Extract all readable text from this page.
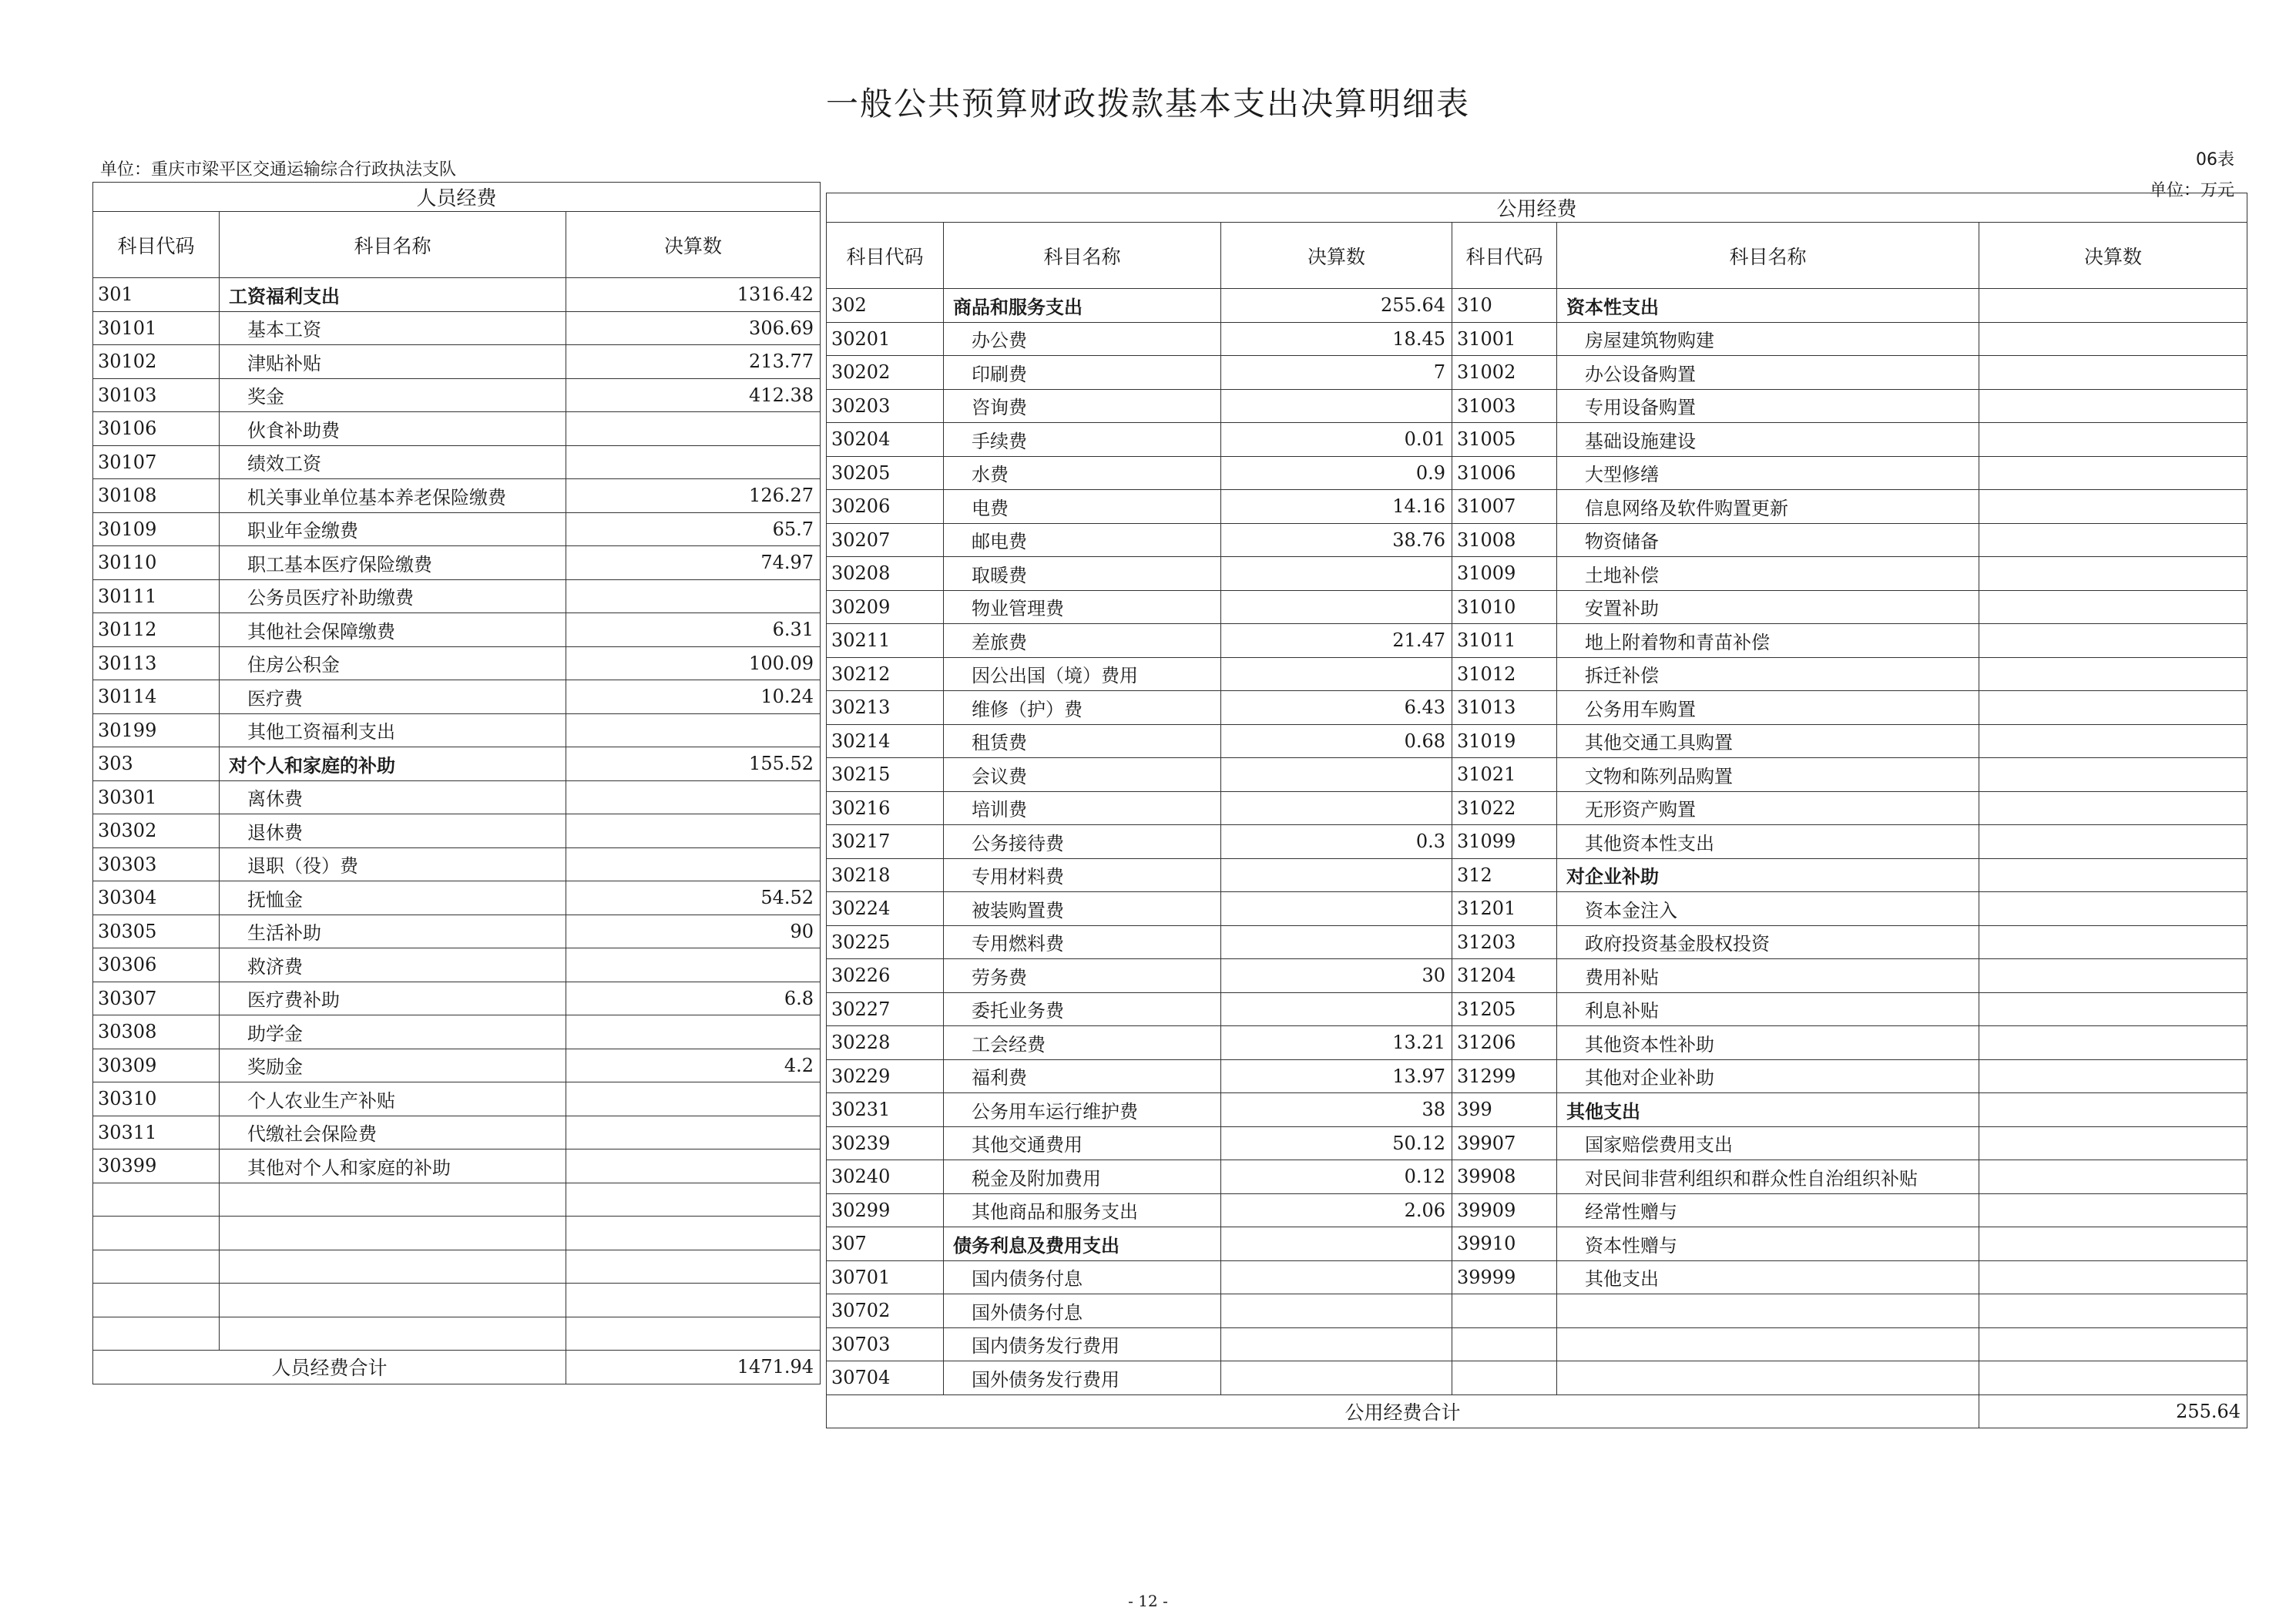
一般公共预算财政拨款基本支出决算明细表
单位：重庆市梁平区交通运输综合行政执法支队
06表
单位：万元
人员经费		
科目代码	科目名称	决算数
301	工资福利支出	1316.42
30101	基本工资	306.69
30102	津贴补贴	213.77
30103	奖金	412.38
30106	伙食补助费	
30107	绩效工资	
30108	机关事业单位基本养老保险缴费	126.27
30109	职业年金缴费	65.7
30110	职工基本医疗保险缴费	74.97
30111	公务员医疗补助缴费	
30112	其他社会保障缴费	6.31
30113	住房公积金	100.09
30114	医疗费	10.24
30199	其他工资福利支出	
303	对个人和家庭的补助	155.52
30301	离休费	
30302	退休费	
30303	退职（役）费	
30304	抚恤金	54.52
30305	生活补助	90
30306	救济费	
30307	医疗费补助	6.8
30308	助学金	
30309	奖励金	4.2
30310	个人农业生产补贴	
30311	代缴社会保险费	
30399	其他对个人和家庭的补助	

人员经费合计		1471.94
公用经费					
科目代码	科目名称	决算数	科目代码	科目名称	决算数
302	商品和服务支出	255.64	310	资本性支出	
30201	办公费	18.45	31001	房屋建筑物购建	
30202	印刷费	7	31002	办公设备购置	
30203	咨询费		31003	专用设备购置	
30204	手续费	0.01	31005	基础设施建设	
30205	水费	0.9	31006	大型修缮	
30206	电费	14.16	31007	信息网络及软件购置更新	
30207	邮电费	38.76	31008	物资储备	
30208	取暖费		31009	土地补偿	
30209	物业管理费		31010	安置补助	
30211	差旅费	21.47	31011	地上附着物和青苗补偿	
30212	因公出国（境）费用		31012	拆迁补偿	
30213	维修（护）费	6.43	31013	公务用车购置	
30214	租赁费	0.68	31019	其他交通工具购置	
30215	会议费		31021	文物和陈列品购置	
30216	培训费		31022	无形资产购置	
30217	公务接待费	0.3	31099	其他资本性支出	
30218	专用材料费		312	对企业补助	
30224	被装购置费		31201	资本金注入	
30225	专用燃料费		31203	政府投资基金股权投资	
30226	劳务费	30	31204	费用补贴	
30227	委托业务费		31205	利息补贴	
30228	工会经费	13.21	31206	其他资本性补助	
30229	福利费	13.97	31299	其他对企业补助	
30231	公务用车运行维护费	38	399	其他支出	
30239	其他交通费用	50.12	39907	国家赔偿费用支出	
30240	税金及附加费用	0.12	39908	对民间非营利组织和群众性自治组织补贴	
30299	其他商品和服务支出	2.06	39909	经常性赠与	
307	债务利息及费用支出		39910	资本性赠与	
30701	国内债务付息		39999	其他支出	
30702	国外债务付息				
30703	国内债务发行费用				
30704	国外债务发行费用				
公用经费合计					255.64
- 12 -
